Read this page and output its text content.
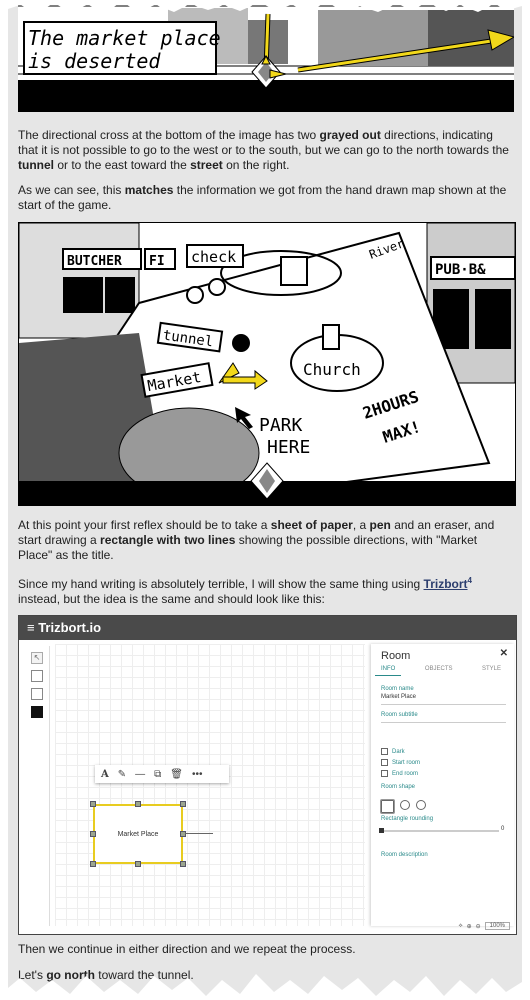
The market place
is deserted

The directional cross at the bottom of the image has two grayed out directions, indicating that it is not possible to go to the west or to the south, but we can go to the north towards the tunnel or to the east toward the street on the right.

As we can see, this matches the information we got from the hand drawn map shown at the start of the game.

BUTCHER FI
PUB·B&
check	River
tunnel
Church
Market
PARK
HERE
2HOURS
MAX!

At this point your first reflex should be to take a sheet of paper, a pen and an eraser, and start drawing a rectangle with two lines showing the possible directions, with "Market Place" as the title.

Since my hand writing is absolutely terrible, I will show the same thing using Trizbort$^4$ instead, but the idea is the same and should look like this:

≡ Trizbort.io
↖
A ✎ — ⧉ 🗑 •••
Market Place
Room	✕
INFO	OBJECTS	STYLE
Room name
Market Place
Room subtitle
Dark
Start room
End room
Room shape
Rectangle rounding
0
Room description
⟡ ⊕ ⊖	100%

Then we continue in either direction and we repeat the process.

Let's go north toward the tunnel.
